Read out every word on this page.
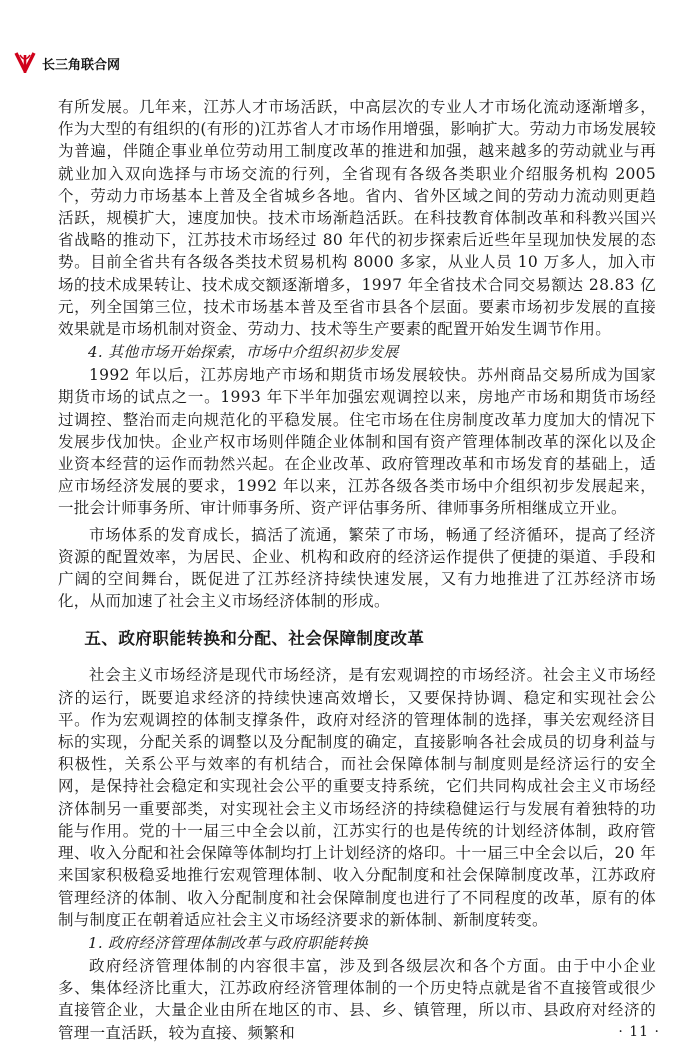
长三角联合网

有所发展。几年来，江苏人才市场活跃，中高层次的专业人才市场化流动逐渐增多，作为大型的有组织的(有形的)江苏省人才市场作用增强，影响扩大。劳动力市场发展较为普遍，伴随企事业单位劳动用工制度改革的推进和加强，越来越多的劳动就业与再就业加入双向选择与市场交流的行列，全省现有各级各类职业介绍服务机构 2005 个，劳动力市场基本上普及全省城乡各地。省内、省外区域之间的劳动力流动则更趋活跃，规模扩大，速度加快。技术市场渐趋活跃。在科技教育体制改革和科教兴国兴省战略的推动下，江苏技术市场经过 80 年代的初步探索后近些年呈现加快发展的态势。目前全省共有各级各类技术贸易机构 8000 多家，从业人员 10 万多人，加入市场的技术成果转让、技术成交额逐渐增多，1997 年全省技术合同交易额达 28.83 亿元，列全国第三位，技术市场基本普及至省市县各个层面。要素市场初步发展的直接效果就是市场机制对资金、劳动力、技术等生产要素的配置开始发生调节作用。

4. 其他市场开始探索，市场中介组织初步发展

1992 年以后，江苏房地产市场和期货市场发展较快。苏州商品交易所成为国家期货市场的试点之一。1993 年下半年加强宏观调控以来，房地产市场和期货市场经过调控、整治而走向规范化的平稳发展。住宅市场在住房制度改革力度加大的情况下发展步伐加快。企业产权市场则伴随企业体制和国有资产管理体制改革的深化以及企业资本经营的运作而勃然兴起。在企业改革、政府管理改革和市场发育的基础上，适应市场经济发展的要求，1992 年以来，江苏各级各类市场中介组织初步发展起来，一批会计师事务所、审计师事务所、资产评估事务所、律师事务所相继成立开业。

市场体系的发育成长，搞活了流通，繁荣了市场，畅通了经济循环，提高了经济资源的配置效率，为居民、企业、机构和政府的经济运作提供了便捷的渠道、手段和广阔的空间舞台，既促进了江苏经济持续快速发展，又有力地推进了江苏经济市场化，从而加速了社会主义市场经济体制的形成。

五、政府职能转换和分配、社会保障制度改革

社会主义市场经济是现代市场经济，是有宏观调控的市场经济。社会主义市场经济的运行，既要追求经济的持续快速高效增长，又要保持协调、稳定和实现社会公平。作为宏观调控的体制支撑条件，政府对经济的管理体制的选择，事关宏观经济目标的实现，分配关系的调整以及分配制度的确定，直接影响各社会成员的切身利益与积极性，关系公平与效率的有机结合，而社会保障体制与制度则是经济运行的安全网，是保持社会稳定和实现社会公平的重要支持系统，它们共同构成社会主义市场经济体制另一重要部类，对实现社会主义市场经济的持续稳健运行与发展有着独特的功能与作用。党的十一届三中全会以前，江苏实行的也是传统的计划经济体制，政府管理、收入分配和社会保障等体制均打上计划经济的烙印。十一届三中全会以后，20 年来国家积极稳妥地推行宏观管理体制、收入分配制度和社会保障制度改革，江苏政府管理经济的体制、收入分配制度和社会保障制度也进行了不同程度的改革，原有的体制与制度正在朝着适应社会主义市场经济要求的新体制、新制度转变。

1. 政府经济管理体制改革与政府职能转换

政府经济管理体制的内容很丰富，涉及到各级层次和各个方面。由于中小企业多、集体经济比重大，江苏政府经济管理体制的一个历史特点就是省不直接管或很少直接管企业，大量企业由所在地区的市、县、乡、镇管理，所以市、县政府对经济的管理一直活跃，较为直接、频繁和	· 11 ·
